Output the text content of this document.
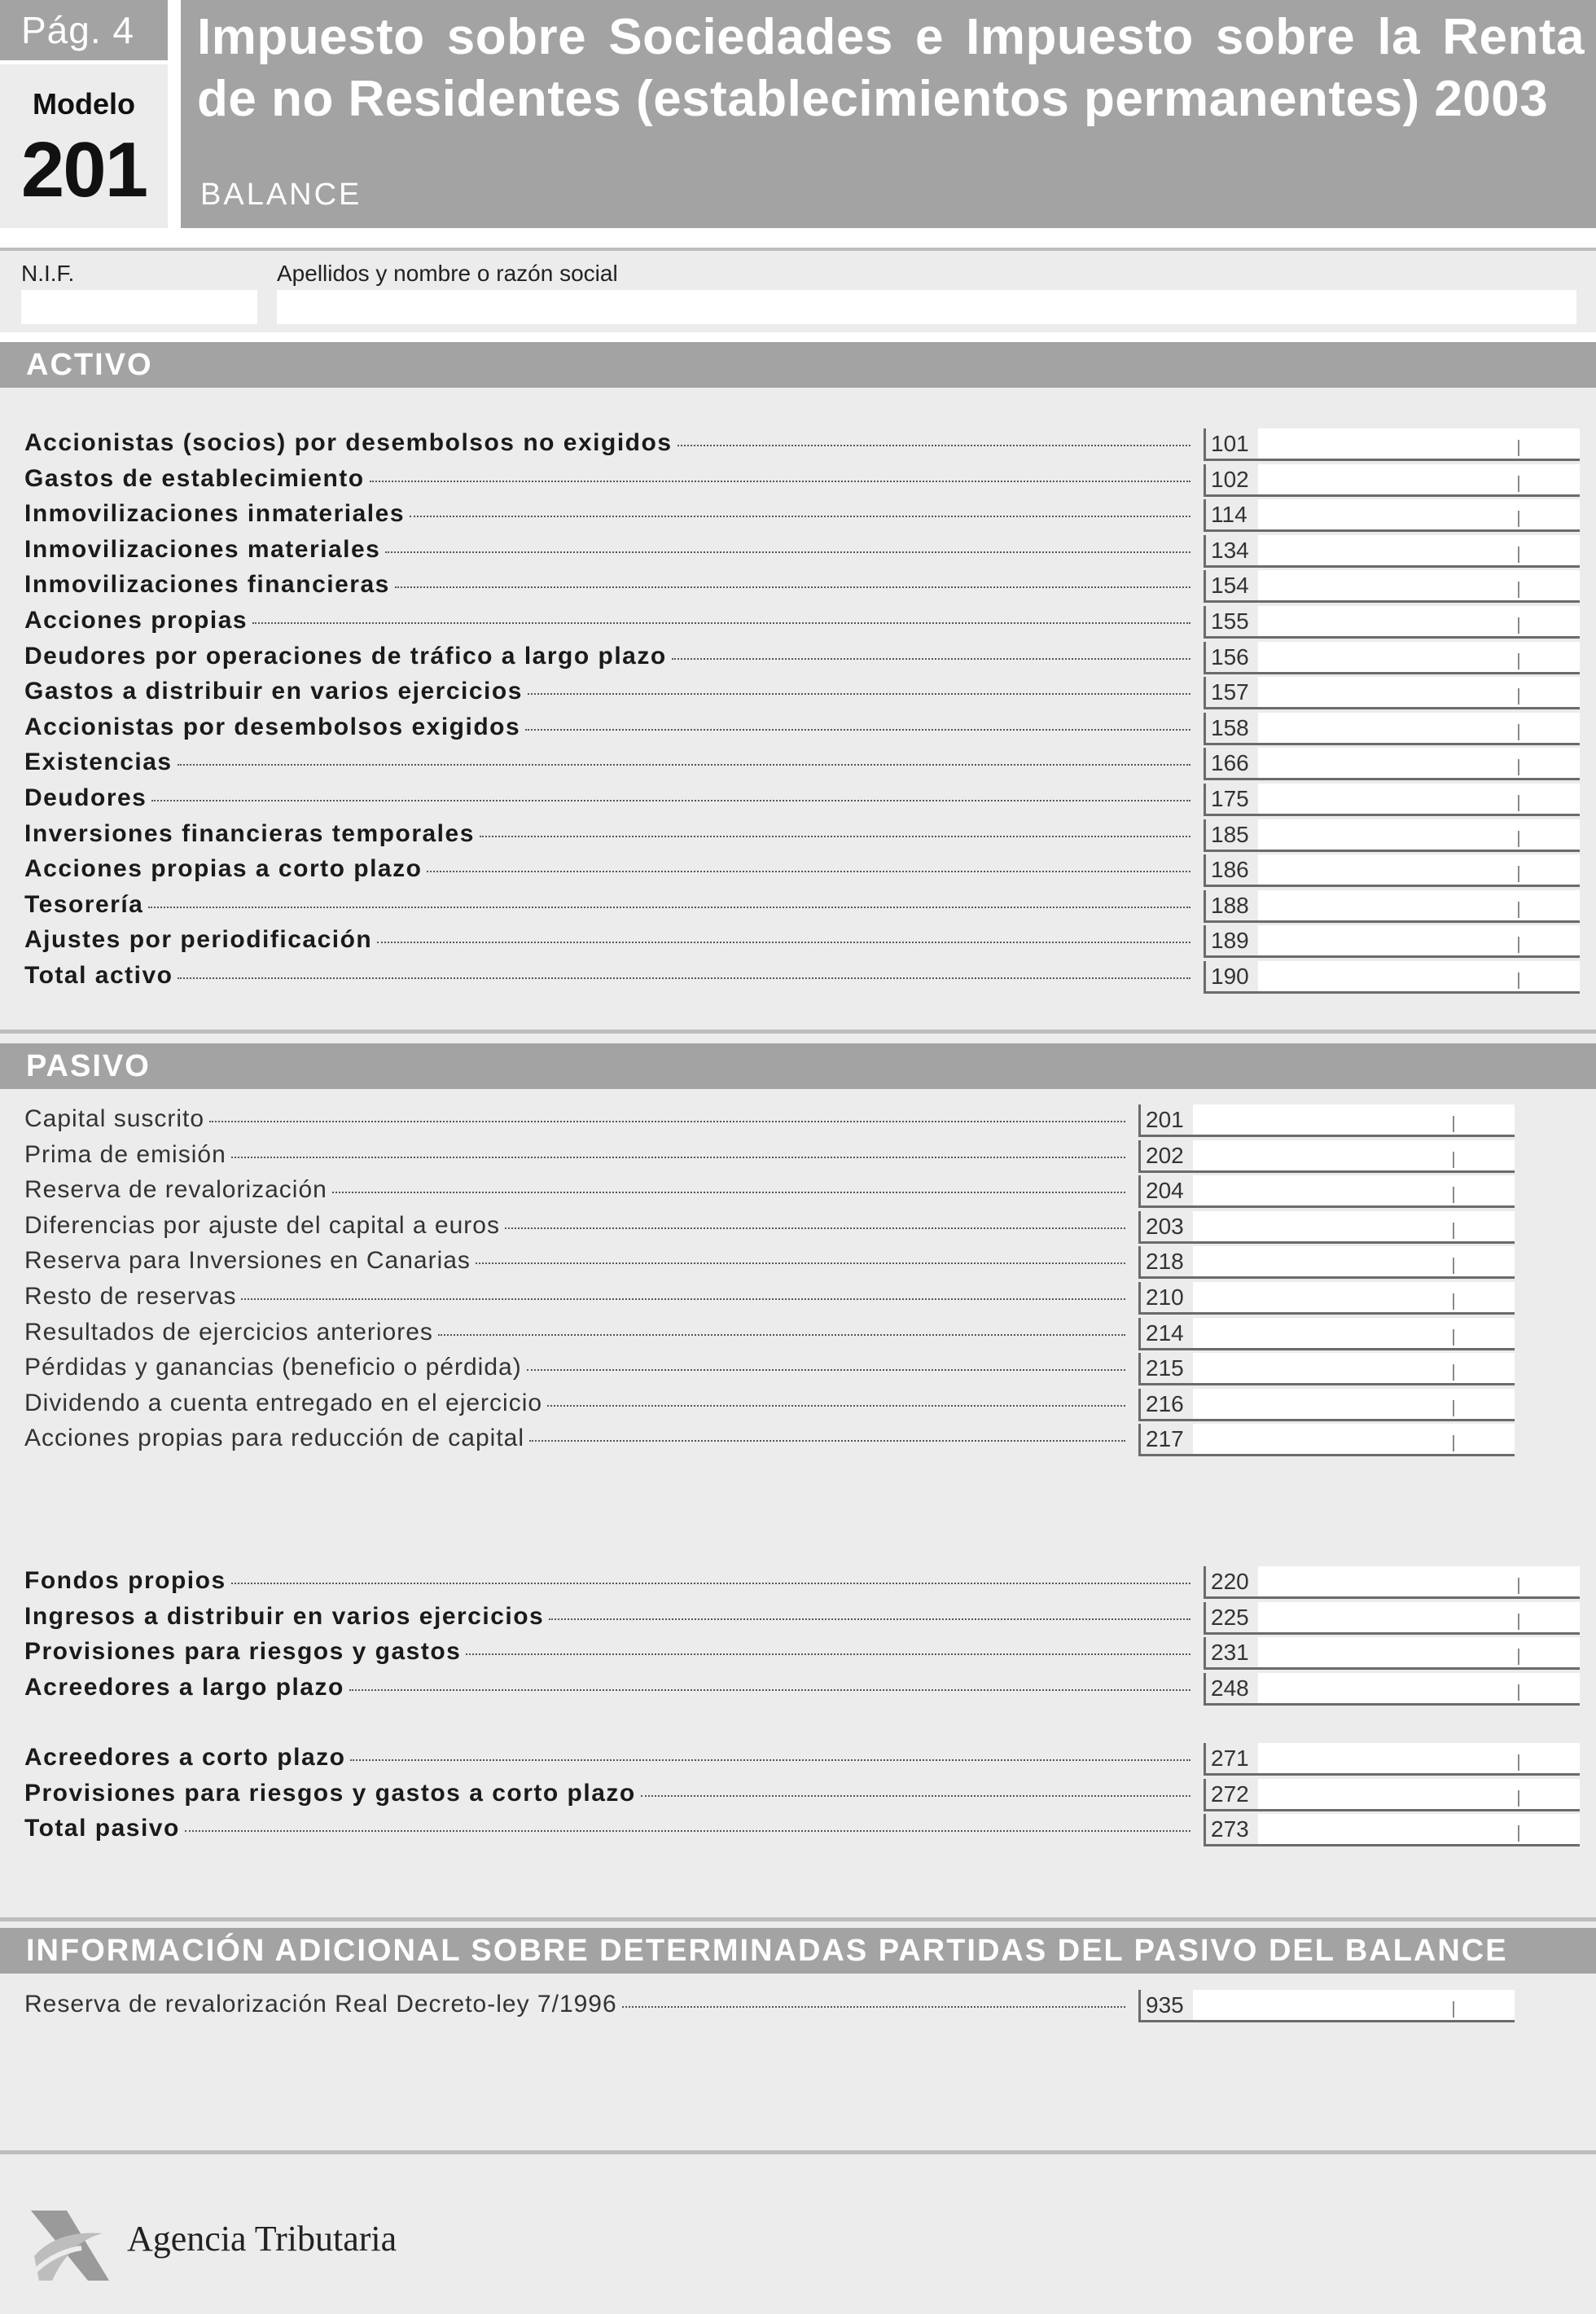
Pág. 4
Modelo
201
Impuesto sobre Sociedades e Impuesto sobre la Renta de no Residentes (establecimientos permanentes) 2003
BALANCE
N.I.F.	Apellidos y nombre o razón social
ACTIVO
Accionistas (socios) por desembolsos no exigidos	101
Gastos de establecimiento	102
Inmovilizaciones inmateriales	114
Inmovilizaciones materiales	134
Inmovilizaciones financieras	154
Acciones propias	155
Deudores por operaciones de tráfico a largo plazo	156
Gastos a distribuir en varios ejercicios	157
Accionistas por desembolsos exigidos	158
Existencias	166
Deudores	175
Inversiones financieras temporales	185
Acciones propias a corto plazo	186
Tesorería	188
Ajustes por periodificación	189
Total activo	190
PASIVO
Capital suscrito	201
Prima de emisión	202
Reserva de revalorización	204
Diferencias por ajuste del capital a euros	203
Reserva para Inversiones en Canarias	218
Resto de reservas	210
Resultados de ejercicios anteriores	214
Pérdidas y ganancias (beneficio o pérdida)	215
Dividendo a cuenta entregado en el ejercicio	216
Acciones propias para reducción de capital	217
Fondos propios	220
Ingresos a distribuir en varios ejercicios	225
Provisiones para riesgos y gastos	231
Acreedores a largo plazo	248
Acreedores a corto plazo	271
Provisiones para riesgos y gastos a corto plazo	272
Total pasivo	273
INFORMACIÓN ADICIONAL SOBRE DETERMINADAS PARTIDAS DEL PASIVO DEL BALANCE
Reserva de revalorización Real Decreto-ley 7/1996	935
Agencia Tributaria
